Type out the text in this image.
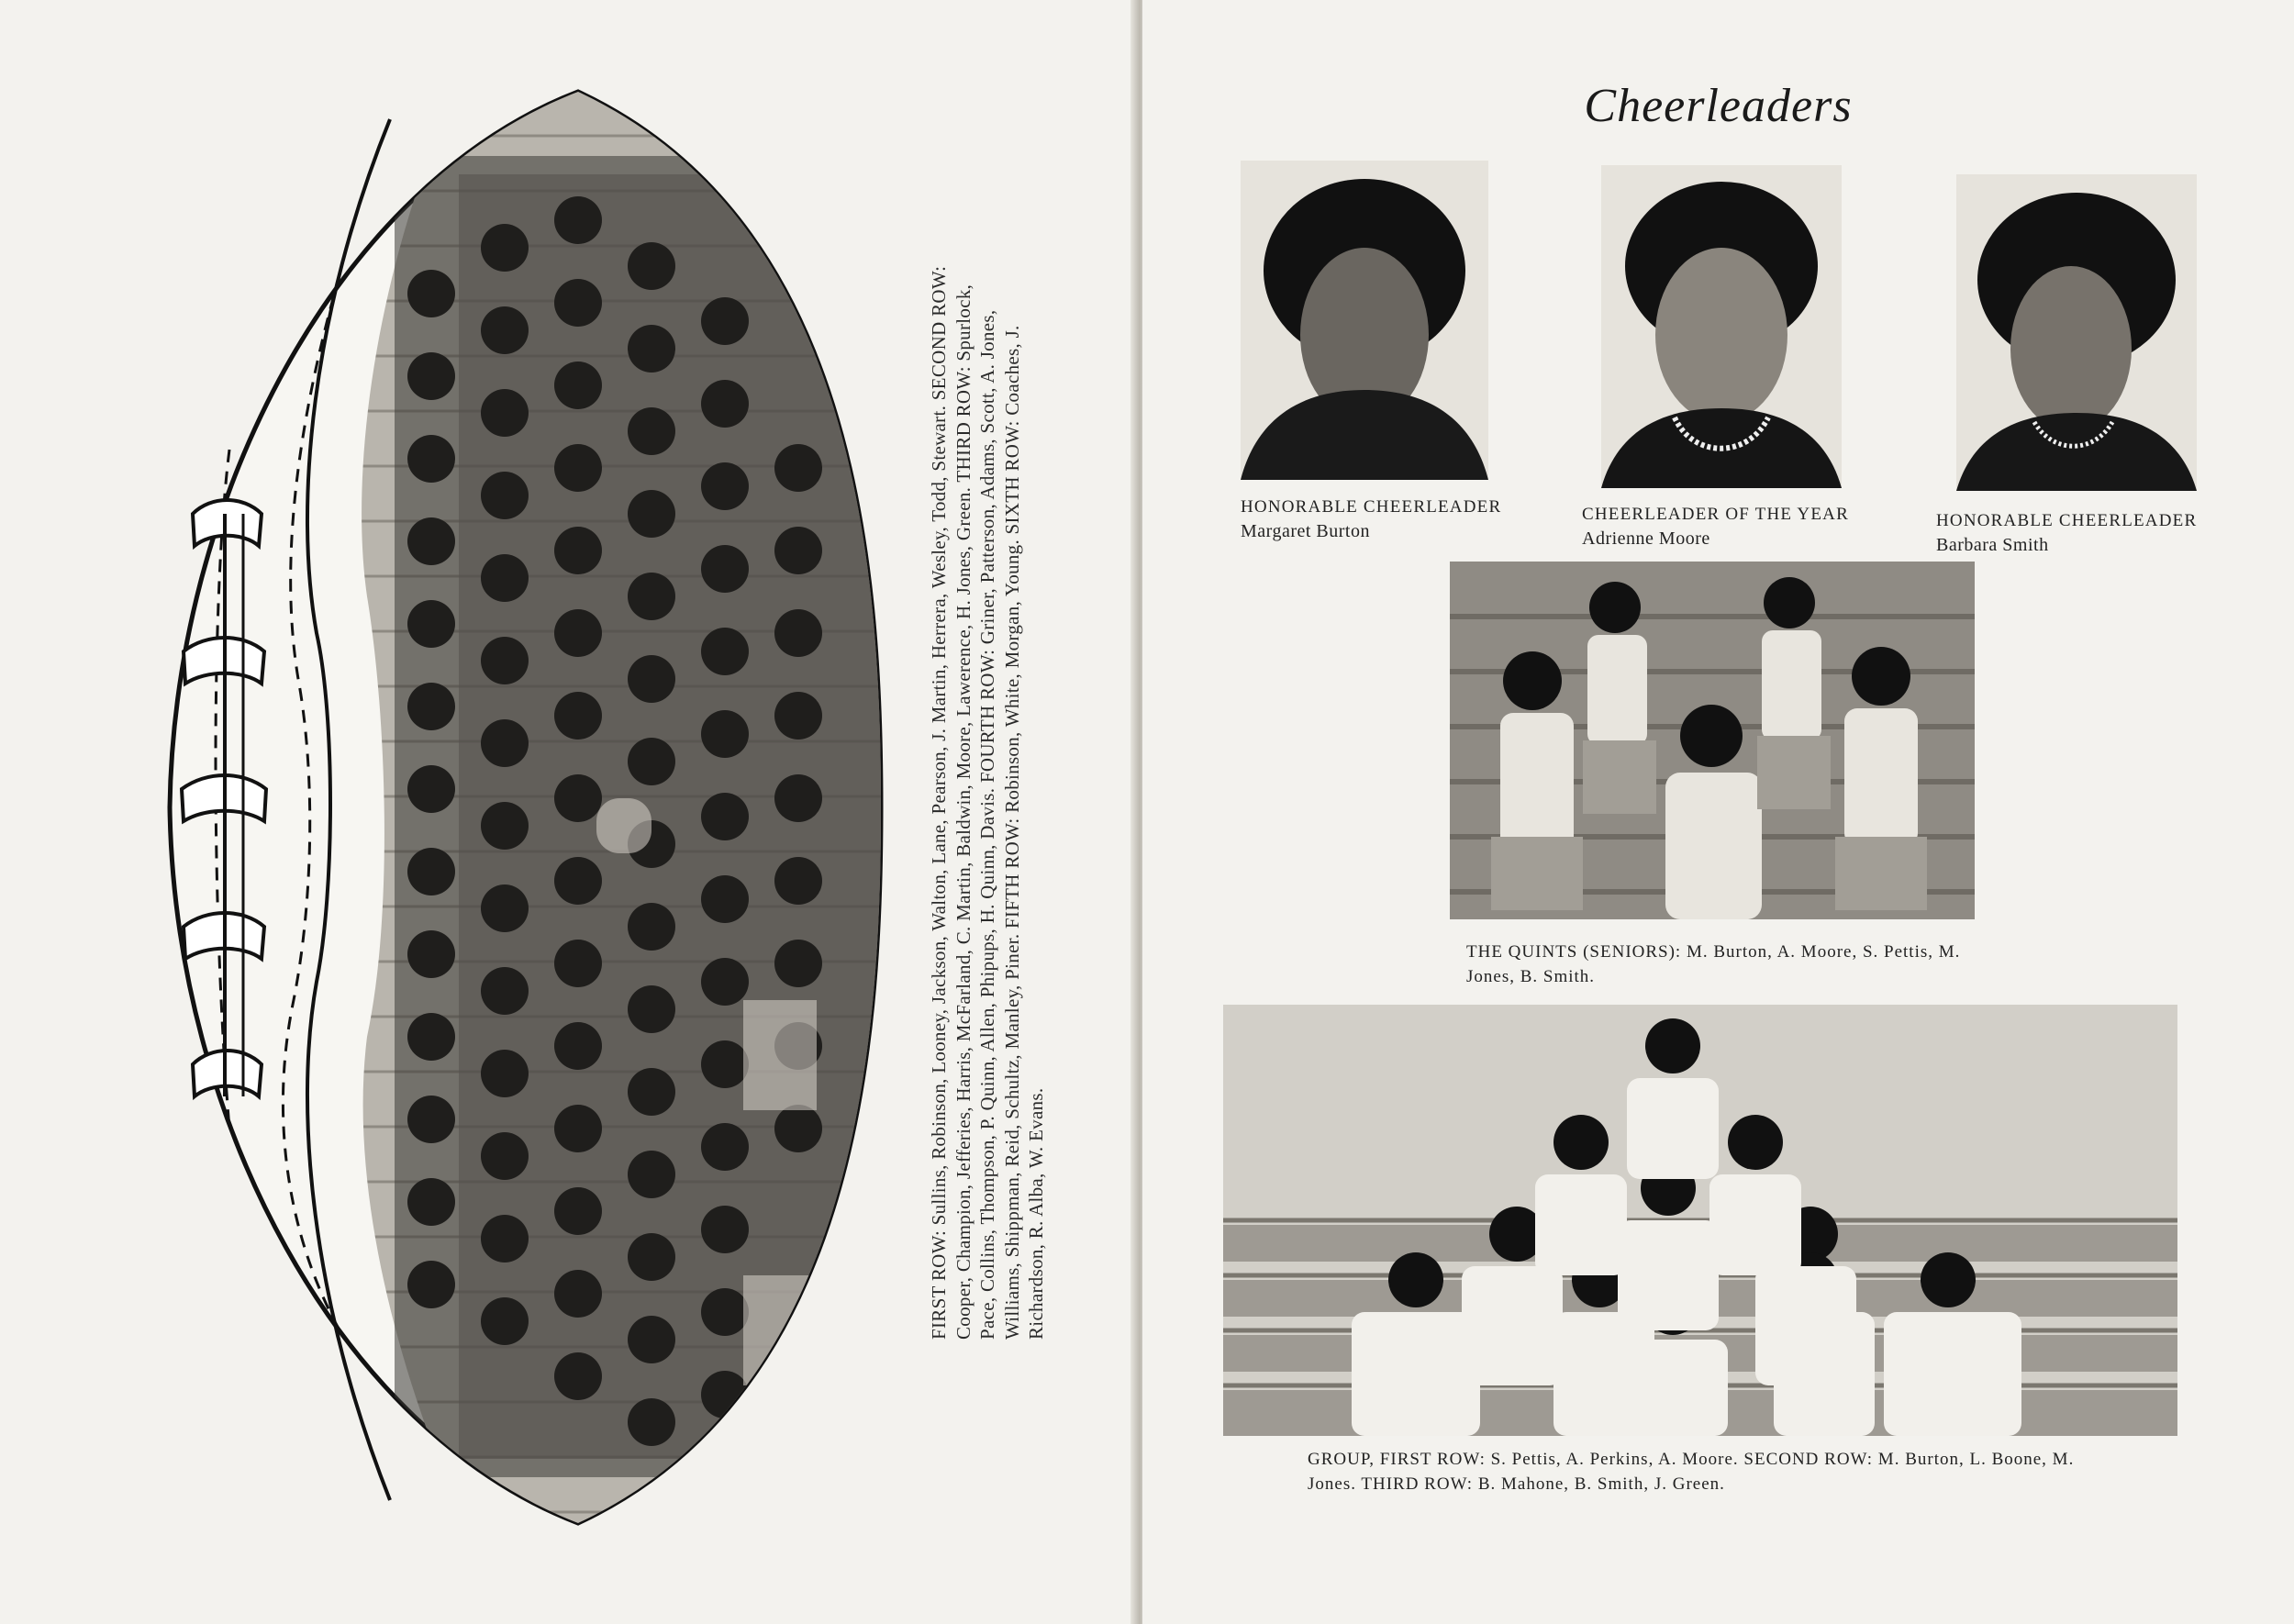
FIRST ROW: Sullins, Robinson, Looney, Jackson, Walton, Lane, Pearson, J. Martin, Herrera, Wesley, Todd, Stewart. SECOND ROW: Cooper, Champion, Jefferies, Harris, McFarland, C. Martin, Baldwin, Moore, Lawerence, H. Jones, Green. THIRD ROW: Spurlock, Pace, Collins, Thompson, P. Quinn, Allen, Phipups, H. Quinn, Davis. FOURTH ROW: Griner, Patterson, Adams, Scott, A. Jones, Williams, Shippman, Reid, Schultz, Manley, Piner. FIFTH ROW: Robinson, White, Morgan, Young. SIXTH ROW: Coaches, J. Richardson, R. Alba, W. Evans.
Cheerleaders
HONORABLE CHEERLEADER
Margaret Burton
CHEERLEADER OF THE YEAR
Adrienne Moore
HONORABLE CHEERLEADER
Barbara Smith
THE QUINTS (SENIORS): M. Burton, A. Moore, S. Pettis, M. Jones, B. Smith.
GROUP, FIRST ROW: S. Pettis, A. Perkins, A. Moore. SECOND ROW: M. Burton, L. Boone, M. Jones. THIRD ROW: B. Mahone, B. Smith, J. Green.
